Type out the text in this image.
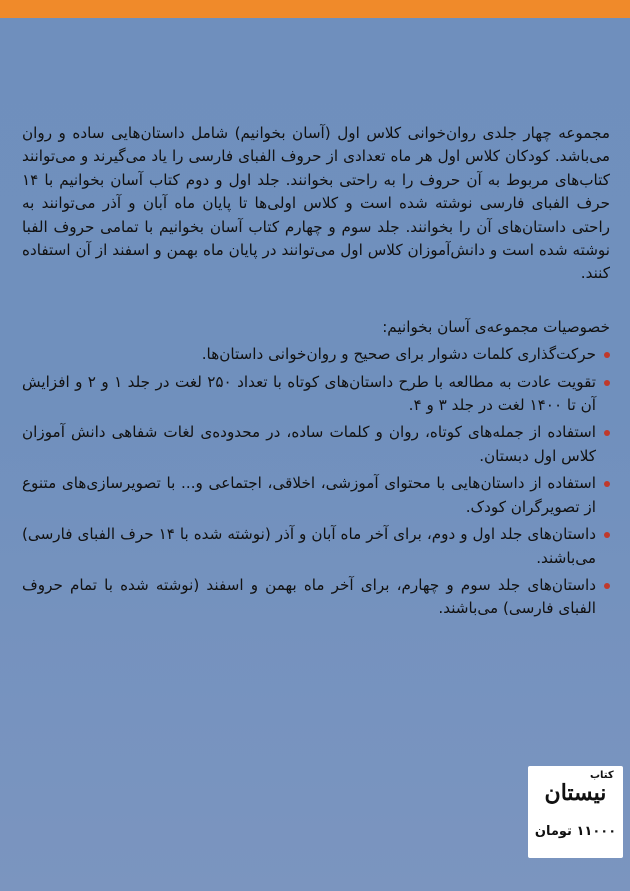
مجموعه چهار جلدی روان‌خوانی کلاس اول (آسان بخوانیم) شامل داستان‌هایی ساده و روان می‌باشد. کودکان کلاس اول هر ماه تعدادی از حروف الفبای فارسی را یاد می‌گیرند و می‌توانند کتاب‌های مربوط به آن حروف را به راحتی بخوانند. جلد اول و دوم کتاب آسان بخوانیم با ۱۴ حرف الفبای فارسی نوشته شده است و کلاس اولی‌ها تا پایان ماه آبان و آذر می‌توانند به راحتی داستان‌های آن را بخوانند. جلد سوم و چهارم کتاب آسان بخوانیم با تمامی حروف الفبا نوشته شده است و دانش‌آموزان کلاس اول می‌توانند در پایان ماه بهمن و اسفند از آن استفاده کنند.

خصوصیات مجموعه‌ی آسان بخوانیم:

حرکت‌گذاری کلمات دشوار برای صحیح و روان‌خوانی داستان‌ها.
تقویت عادت به مطالعه با طرح داستان‌های کوتاه با تعداد ۲۵۰ لغت در جلد ۱ و ۲ و افزایش آن تا ۱۴۰۰ لغت در جلد ۳ و ۴.
استفاده از جمله‌های کوتاه، روان و کلمات ساده، در محدوده‌ی لغات شفاهی دانش آموزان کلاس اول دبستان.
استفاده از داستان‌هایی با محتوای آموزشی، اخلاقی، اجتماعی و... با تصویرسازی‌های متنوع از تصویرگران کودک.
داستان‌های جلد اول و دوم، برای آخر ماه آبان و آذر (نوشته شده با ۱۴ حرف الفبای فارسی) می‌باشند.
داستان‌های جلد سوم و چهارم، برای آخر ماه بهمن و اسفند (نوشته شده با تمام حروف الفبای فارسی) می‌باشند.
کتاب
نیستان
۱۱۰۰۰ تومان
